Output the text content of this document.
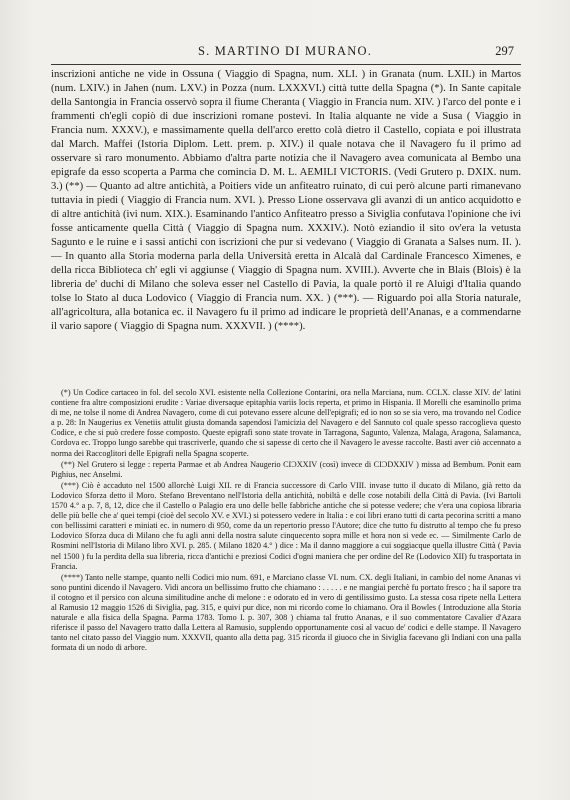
S. MARTINO DI MURANO.	297

inscrizioni antiche ne vide in Ossuna ( Viaggio di Spagna, num. XLI. ) in Granata (num. LXII.) in Martos (num. LXIV.) in Jahen (num. LXV.) in Pozza (num. LXXXVI.) città tutte della Spagna (*). In Sante capitale della Santongia in Francia osservò sopra il fiume Cheranta ( Viaggio in Francia num. XIV. ) l'arco del ponte e i frammenti ch'egli copiò di due inscrizioni romane postevi. In Italia alquante ne vide a Susa ( Viaggio in Francia num. XXXV.), e massimamente quella dell'arco eretto colà dietro il Castello, copiata e poi illustrata dal March. Maffei (Istoria Diplom. Lett. prem. p. XIV.) il quale notava che il Navagero fu il primo ad osservare sì raro monumento. Abbiamo d'altra parte notizia che il Navagero avea comunicata al Bembo una epigrafe da esso scoperta a Parma che comincia D. M. L. AEMILI VICTORIS. (Vedi Grutero p. DXIX. num. 3.) (**) — Quanto ad altre antichità, a Poitiers vide un anfiteatro ruinato, di cui però alcune parti rimanevano tuttavia in piedi ( Viaggio di Francia num. XVI. ). Presso Lione osservava gli avanzi di un antico acquidotto e di altre antichità (ivi num. XIX.). Esaminando l'antico Anfiteatro presso a Siviglia confutava l'opinione che ivi fosse anticamente quella Città ( Viaggio di Spagna num. XXXIV.). Notò eziandio il sito ov'era la vetusta Sagunto e le ruine e i sassi antichi con iscrizioni che pur si vedevano ( Viaggio di Granata a Salses num. II. ). — In quanto alla Storia moderna parla della Università eretta in Alcalà dal Cardinale Francesco Ximenes, e della ricca Biblioteca ch' egli vi aggiunse ( Viaggio di Spagna num. XVIII.). Avverte che in Blais (Blois) è la libreria de' duchi di Milano che soleva esser nel Castello di Pavia, la quale portò il re Aluigi d'Italia quando tolse lo Stato al duca Lodovico ( Viaggio di Francia num. XX. ) (***). — Riguardo poi alla Storia naturale, all'agricoltura, alla botanica ec. il Navagero fu il primo ad indicare le proprietà dell'Ananas, e a commendarne il vario sapore ( Viaggio di Spagna num. XXXVII. ) (****).

(*) Un Codice cartaceo in fol. del secolo XVI. esistente nella Collezione Contarini, ora nella Marciana, num. CCLX. classe XIV. de' latini contiene fra altre composizioni erudite : Variae diversaque epitaphia variis locis reperta, et primo in Hispania. Il Morelli che esaminollo prima di me, ne tolse il nome di Andrea Navagero, come di cui potevano essere alcune dell'epigrafi; ed io non so se sia vero, ma trovando nel Codice a p. 28: In Naugerius ex Venetiis attulit giusta domanda sapendosi l'amicizia del Navagero e del Sannuto col quale spesso raccoglieva questo Codice, e che si può credere fosse composto. Queste epigrafi sono state trovate in Tarragona, Sagunto, Valenza, Malaga, Aragona, Salamanca, Cordova ec. Troppo lungo sarebbe qui trascriverle, quando che si sapesse di certo che il Navagero le avesse raccolte. Basti aver ciò accennato a norma dei Raccoglitori delle Epigrafi nella Spagna scoperte.

(**) Nel Grutero si legge : reperta Parmae et ab Andrea Naugerio CIƆXXIV (così) invece di CIƆDXXIV ) missa ad Bembum. Ponit eam Pighius, nec Anselmi.

(***) Ciò è accaduto nel 1500 allorchè Luigi XII. re di Francia successore di Carlo VIII. invase tutto il ducato di Milano, già retto da Lodovico Sforza detto il Moro. Stefano Breventano nell'Istoria della antichità, nobiltà e delle cose notabili della Città di Pavia. (Ivi Bartoli 1570 4.° a p. 7, 8, 12, dice che il Castello o Palagio era uno delle belle fabbriche antiche che si potesse vedere; che v'era una copiosa libraria delle più belle che a' quei tempi (cioè del secolo XV. e XVI.) si potessero vedere in Italia : e coi libri erano tutti di carta pecorina scritti a mano con bellissimi caratteri e miniati ec. in numero di 950, come da un repertorio presso l'Autore; dice che tutto fu distrutto al tempo che fu preso Lodovico Sforza duca di Milano che fu agli anni della nostra salute cinquecento sopra mille et hora non si vede ec. — Similmente Carlo de Rosmini nell'Istoria di Milano libro XVI. p. 285. ( Milano 1820 4.° ) dice : Ma il danno maggiore a cui soggiacque quella illustre Città ( Pavia nel 1500 ) fu la perdita della sua libreria, ricca d'antichi e preziosi Codici d'ogni maniera che per ordine del Re (Lodovico XII) fu trasportata in Francia.

(****) Tanto nelle stampe, quanto nelli Codici mio num. 691, e Marciano classe VI. num. CX. degli Italiani, in cambio del nome Ananas vi sono puntini dicendo il Navagero. Vidi ancora un bellissimo frutto che chiamano : . . . . . e ne mangiai perchè fu portato fresco ; ha il sapore tra il cotogno et il persico con alcuna similitudine anche di melone : e odorato ed in vero di gentilissimo gusto. La stessa cosa ripete nella Lettera al Ramusio 12 maggio 1526 di Siviglia, pag. 315, e quivi pur dice, non mi ricordo come lo chiamano. Ora il Bowles ( Introduzione alla Storia naturale e alla fisica della Spagna. Parma 1783. Tomo I. p. 307, 308 ) chiama tal frutto Ananas, e il suo commentatore Cavalier d'Azara riferisce il passo del Navagero tratto dalla Lettera al Ramusio, supplendo opportunamente così al vacuo de' codici e delle stampe. Il Navagero tanto nel citato passo del Viaggio num. XXXVII, quanto alla detta pag. 315 ricorda il giuoco che in Siviglia facevano gli Indiani con una palla formata di un nodo di arbore.
